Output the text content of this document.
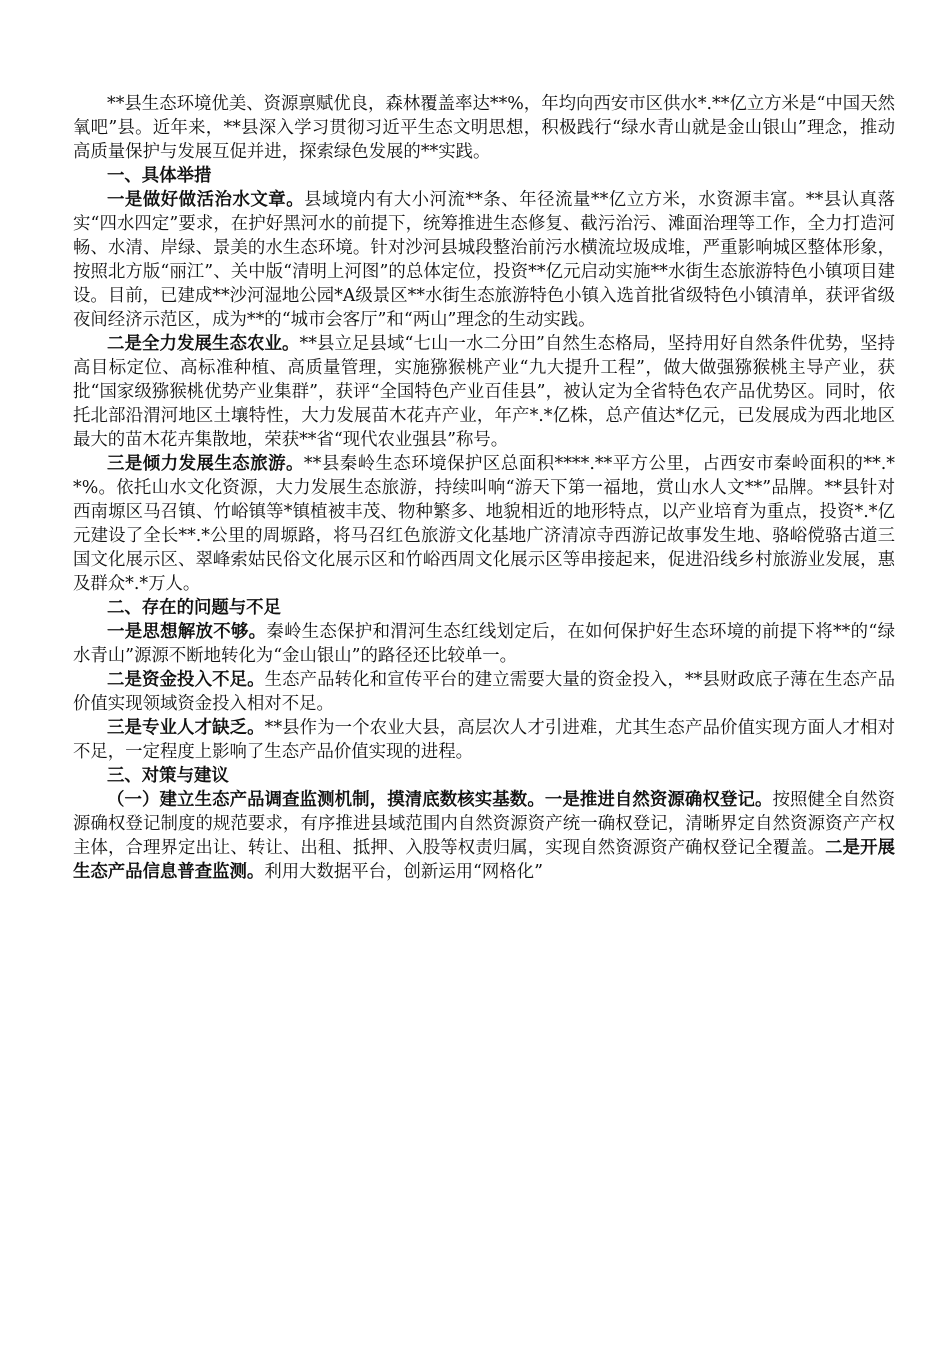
**县生态环境优美、资源禀赋优良，森林覆盖率达**%，年均向西安市区供水*.**亿立方米是“中国天然氧吧”县。近年来，**县深入学习贯彻习近平生态文明思想，积极践行“绿水青山就是金山银山”理念，推动高质量保护与发展互促并进，探索绿色发展的**实践。

一、具体举措

一是做好做活治水文章。县域境内有大小河流**条、年径流量**亿立方米，水资源丰富。**县认真落实“四水四定”要求，在护好黑河水的前提下，统筹推进生态修复、截污治污、滩面治理等工作，全力打造河畅、水清、岸绿、景美的水生态环境。针对沙河县城段整治前污水横流垃圾成堆，严重影响城区整体形象，按照北方版“丽江”、关中版“清明上河图”的总体定位，投资**亿元启动实施**水街生态旅游特色小镇项目建设。目前，已建成**沙河湿地公园*A级景区**水街生态旅游特色小镇入选首批省级特色小镇清单，获评省级夜间经济示范区，成为**的“城市会客厅”和“两山”理念的生动实践。

二是全力发展生态农业。**县立足县域“七山一水二分田”自然生态格局，坚持用好自然条件优势，坚持高目标定位、高标准种植、高质量管理，实施猕猴桃产业“九大提升工程”，做大做强猕猴桃主导产业，获批“国家级猕猴桃优势产业集群”，获评“全国特色产业百佳县”，被认定为全省特色农产品优势区。同时，依托北部沿渭河地区土壤特性，大力发展苗木花卉产业，年产*.*亿株，总产值达*亿元，已发展成为西北地区最大的苗木花卉集散地，荣获**省“现代农业强县”称号。

三是倾力发展生态旅游。**县秦岭生态环境保护区总面积****.**平方公里，占西安市秦岭面积的**.**%。依托山水文化资源，大力发展生态旅游，持续叫响“游天下第一福地，赏山水人文**”品牌。**县针对西南塬区马召镇、竹峪镇等*镇植被丰茂、物种繁多、地貌相近的地形特点，以产业培育为重点，投资*.*亿元建设了全长**.*公里的周塬路，将马召红色旅游文化基地广济清凉寺西游记故事发生地、骆峪傥骆古道三国文化展示区、翠峰索姑民俗文化展示区和竹峪西周文化展示区等串接起来，促进沿线乡村旅游业发展，惠及群众*.*万人。

二、存在的问题与不足

一是思想解放不够。秦岭生态保护和渭河生态红线划定后，在如何保护好生态环境的前提下将**的“绿水青山”源源不断地转化为“金山银山”的路径还比较单一。

二是资金投入不足。生态产品转化和宣传平台的建立需要大量的资金投入，**县财政底子薄在生态产品价值实现领域资金投入相对不足。

三是专业人才缺乏。**县作为一个农业大县，高层次人才引进难，尤其生态产品价值实现方面人才相对不足，一定程度上影响了生态产品价值实现的进程。

三、对策与建议

（一）建立生态产品调查监测机制，摸清底数核实基数。一是推进自然资源确权登记。按照健全自然资源确权登记制度的规范要求，有序推进县域范围内自然资源资产统一确权登记，清晰界定自然资源资产产权主体，合理界定出让、转让、出租、抵押、入股等权责归属，实现自然资源资产确权登记全覆盖。二是开展生态产品信息普查监测。利用大数据平台，创新运用“网格化”
